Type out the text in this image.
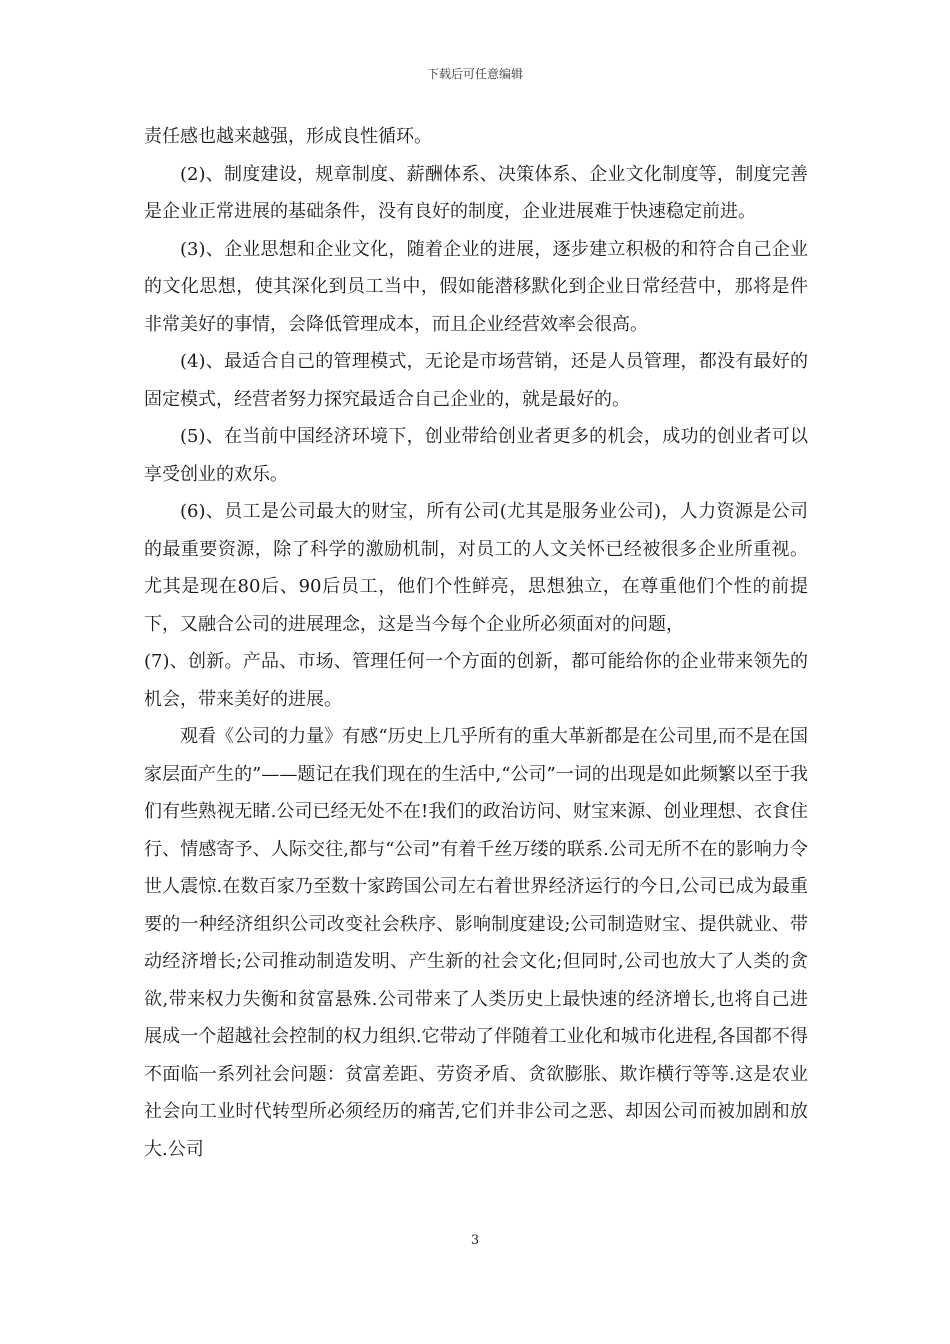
下载后可任意编辑

责任感也越来越强，形成良性循环。

(2)、制度建设，规章制度、薪酬体系、决策体系、企业文化制度等，制度完善是企业正常进展的基础条件，没有良好的制度，企业进展难于快速稳定前进。

(3)、企业思想和企业文化，随着企业的进展，逐步建立积极的和符合自己企业的文化思想，使其深化到员工当中，假如能潜移默化到企业日常经营中，那将是件非常美好的事情，会降低管理成本，而且企业经营效率会很高。

(4)、最适合自己的管理模式，无论是市场营销，还是人员管理，都没有最好的固定模式，经营者努力探究最适合自己企业的，就是最好的。

(5)、在当前中国经济环境下，创业带给创业者更多的机会，成功的创业者可以享受创业的欢乐。

(6)、员工是公司最大的财宝，所有公司(尤其是服务业公司)，人力资源是公司的最重要资源，除了科学的激励机制，对员工的人文关怀已经被很多企业所重视。尤其是现在80后、90后员工，他们个性鲜亮，思想独立，在尊重他们个性的前提下，又融合公司的进展理念，这是当今每个企业所必须面对的问题，

(7)、创新。产品、市场、管理任何一个方面的创新，都可能给你的企业带来领先的机会，带来美好的进展。

观看《公司的力量》有感“历史上几乎所有的重大革新都是在公司里,而不是在国家层面产生的”——题记在我们现在的生活中,“公司”一词的出现是如此频繁以至于我们有些熟视无睹.公司已经无处不在!我们的政治访问、财宝来源、创业理想、衣食住行、情感寄予、人际交往,都与“公司”有着千丝万缕的联系.公司无所不在的影响力令世人震惊.在数百家乃至数十家跨国公司左右着世界经济运行的今日,公司已成为最重要的一种经济组织公司改变社会秩序、影响制度建设;公司制造财宝、提供就业、带动经济增长;公司推动制造发明、产生新的社会文化;但同时,公司也放大了人类的贪欲,带来权力失衡和贫富悬殊.公司带来了人类历史上最快速的经济增长,也将自己进展成一个超越社会控制的权力组织.它带动了伴随着工业化和城市化进程,各国都不得不面临一系列社会问题：贫富差距、劳资矛盾、贪欲膨胀、欺诈横行等等.这是农业社会向工业时代转型所必须经历的痛苦,它们并非公司之恶、却因公司而被加剧和放大.公司

3
